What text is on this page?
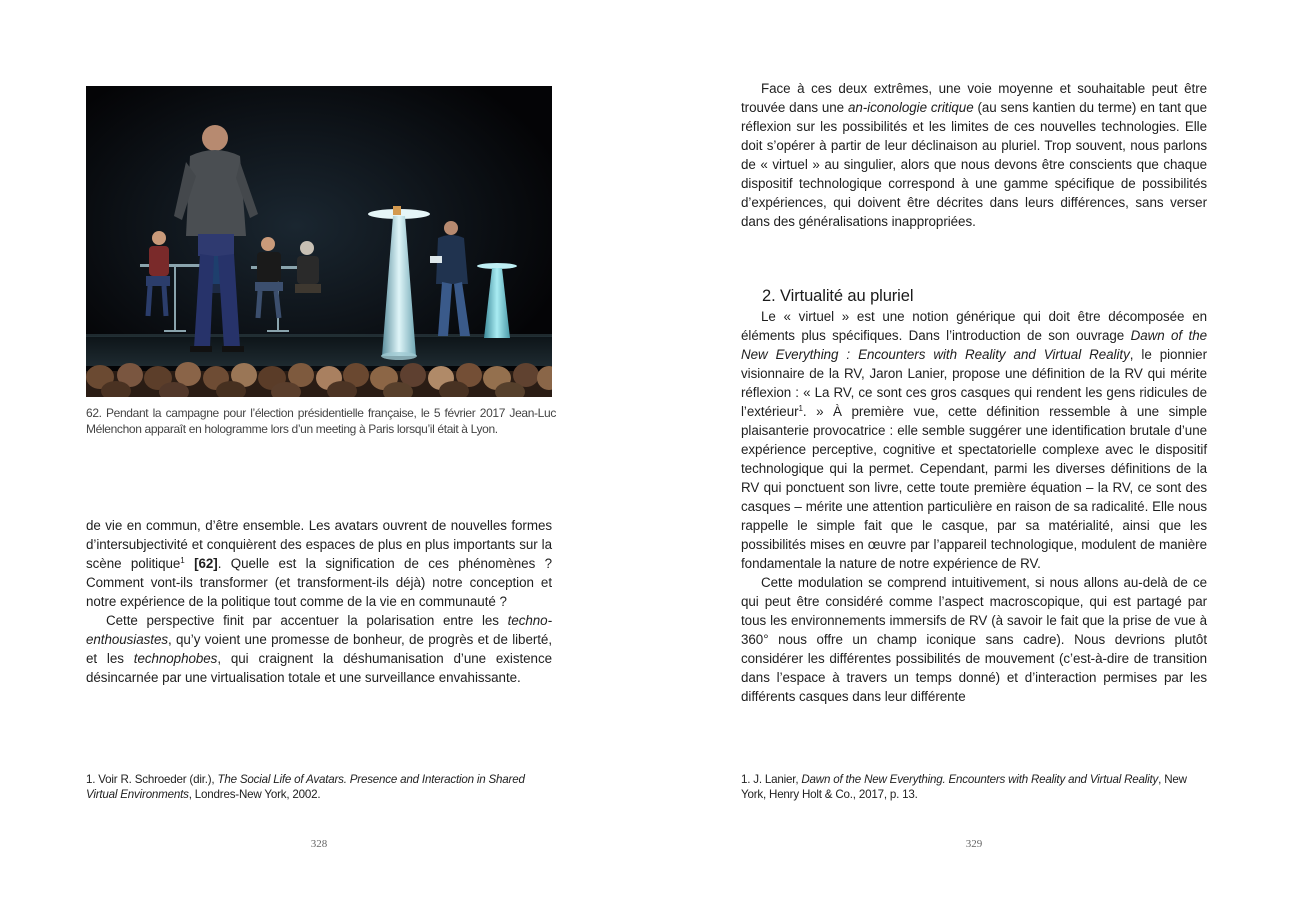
62. Pendant la campagne pour l’élection présidentielle française, le 5 février 2017 Jean-Luc Mélenchon apparaît en hologramme lors d’un meeting à Paris lorsqu’il était à Lyon.

de vie en commun, d’être ensemble. Les avatars ouvrent de nouvelles formes d’intersubjectivité et conquièrent des espaces de plus en plus importants sur la scène politique$^1$ [62]. Quelle est la signification de ces phénomènes ? Comment vont-ils transformer (et transforment-ils déjà) notre conception et notre expérience de la politique tout comme de la vie en communauté ?

Cette perspective finit par accentuer la polarisation entre les techno-enthousiastes, qu’y voient une promesse de bonheur, de progrès et de liberté, et les technophobes, qui craignent la déshumanisation d’une existence désincarnée par une virtualisation totale et une surveillance envahissante.

1. Voir R. Schroeder (dir.), The Social Life of Avatars. Presence and Interaction in Shared Virtual Environments, Londres-New York, 2002.
328

Face à ces deux extrêmes, une voie moyenne et souhaitable peut être trouvée dans une an-iconologie critique (au sens kantien du terme) en tant que réflexion sur les possibilités et les limites de ces nouvelles technologies. Elle doit s’opérer à partir de leur déclinaison au pluriel. Trop souvent, nous parlons de « virtuel » au singulier, alors que nous devons être conscients que chaque dispositif technologique correspond à une gamme spécifique de possibilités d’expériences, qui doivent être décrites dans leurs différences, sans verser dans des généralisations inappropriées.

2. Virtualité au pluriel

Le « virtuel » est une notion générique qui doit être décomposée en éléments plus spécifiques. Dans l’introduction de son ouvrage Dawn of the New Everything : Encounters with Reality and Virtual Reality, le pionnier visionnaire de la RV, Jaron Lanier, propose une définition de la RV qui mérite réflexion : « La RV, ce sont ces gros casques qui rendent les gens ridicules de l’extérieur$^1$. » À première vue, cette définition ressemble à une simple plaisanterie provocatrice : elle semble suggérer une identification brutale d’une expérience perceptive, cognitive et spectatorielle complexe avec le dispositif technologique qui la permet. Cependant, parmi les diverses définitions de la RV qui ponctuent son livre, cette toute première équation – la RV, ce sont des casques – mérite une attention particulière en raison de sa radicalité. Elle nous rappelle le simple fait que le casque, par sa matérialité, ainsi que les possibilités mises en œuvre par l’appareil technologique, modulent de manière fondamentale la nature de notre expérience de RV.

Cette modulation se comprend intuitivement, si nous allons au-delà de ce qui peut être considéré comme l’aspect macroscopique, qui est partagé par tous les environnements immersifs de RV (à savoir le fait que la prise de vue à 360° nous offre un champ iconique sans cadre). Nous devrions plutôt considérer les différentes possibilités de mouvement (c’est-à-dire de transition dans l’espace à travers un temps donné) et d’interaction permises par les différents casques dans leur différente

1. J. Lanier, Dawn of the New Everything. Encounters with Reality and Virtual Reality, New York, Henry Holt & Co., 2017, p. 13.
329
